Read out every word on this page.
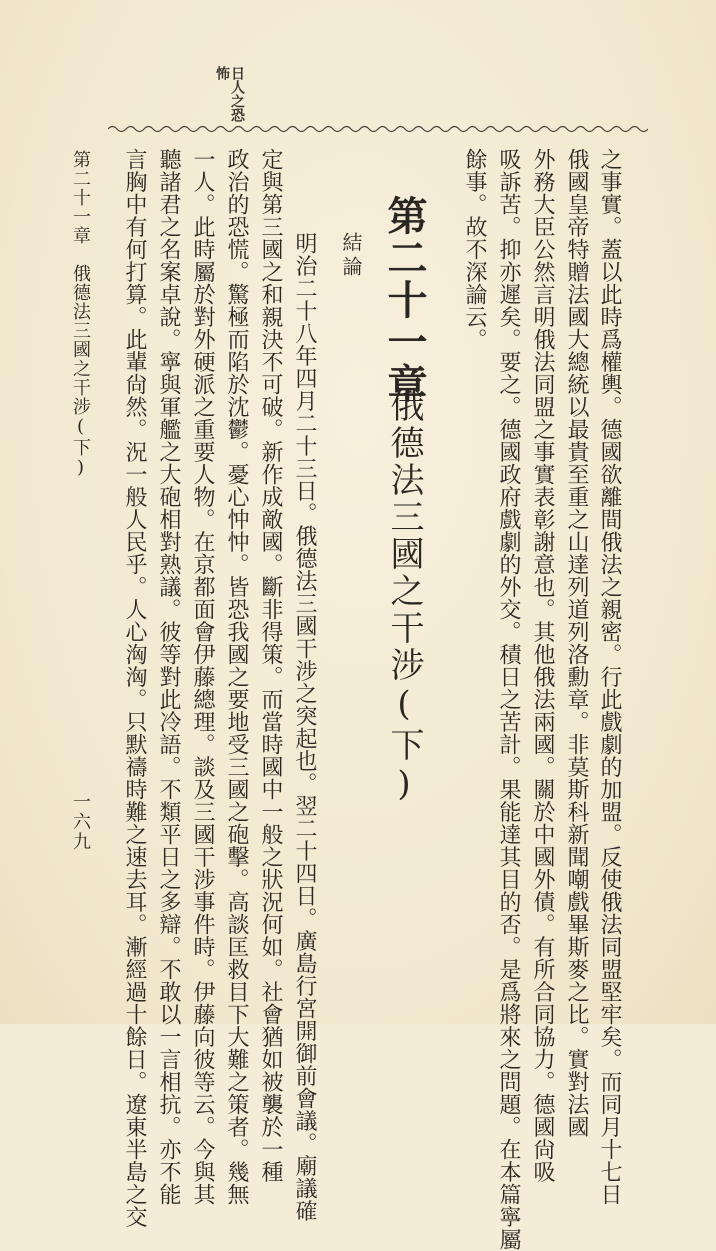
日人之恐
怖
之事實。蓋以此時爲權輿。德國欲離間俄法之親密。行此戲劇的加盟。反使俄法同盟堅牢矣。而同月十七日
俄國皇帝特贈法國大總統以最貴至重之山達列道列洛勳章。非莫斯科新聞嘲戲畢斯麥之比。實對法國
外務大臣公然言明俄法同盟之事實表彰謝意也。其他俄法兩國。關於中國外債。有所合同協力。德國尙吸
吸訴苦。抑亦遲矣。要之。德國政府戲劇的外交。積日之苦計。果能達其目的否。是爲將來之問題。在本篇寧屬
餘事。故不深論云。
第二十一章
俄德法三國之干涉(下)
結論
明治二十八年四月二十三日。俄德法三國干涉之突起也。翌二十四日。廣島行宮開御前會議。廟議確
定與第三國之和親決不可破。新作成敵國。斷非得策。而當時國中一般之狀況何如。社會猶如被襲於一種
政治的恐慌。驚極而陷於沈鬱。憂心忡忡。皆恐我國之要地受三國之砲擊。高談匡救目下大難之策者。幾無
一人。此時屬於對外硬派之重要人物。在京都面會伊藤總理。談及三國干涉事件時。伊藤向彼等云。今與其
聽諸君之名案卓說。寧與軍艦之大砲相對熟議。彼等對此冷語。不類平日之多辯。不敢以一言相抗。亦不能
言胸中有何打算。此輩尙然。況一般人民乎。人心洶洶。只默禱時難之速去耳。漸經過十餘日。遼東半島之交
第二十一章　俄德法三國之干涉(下)
一六九
